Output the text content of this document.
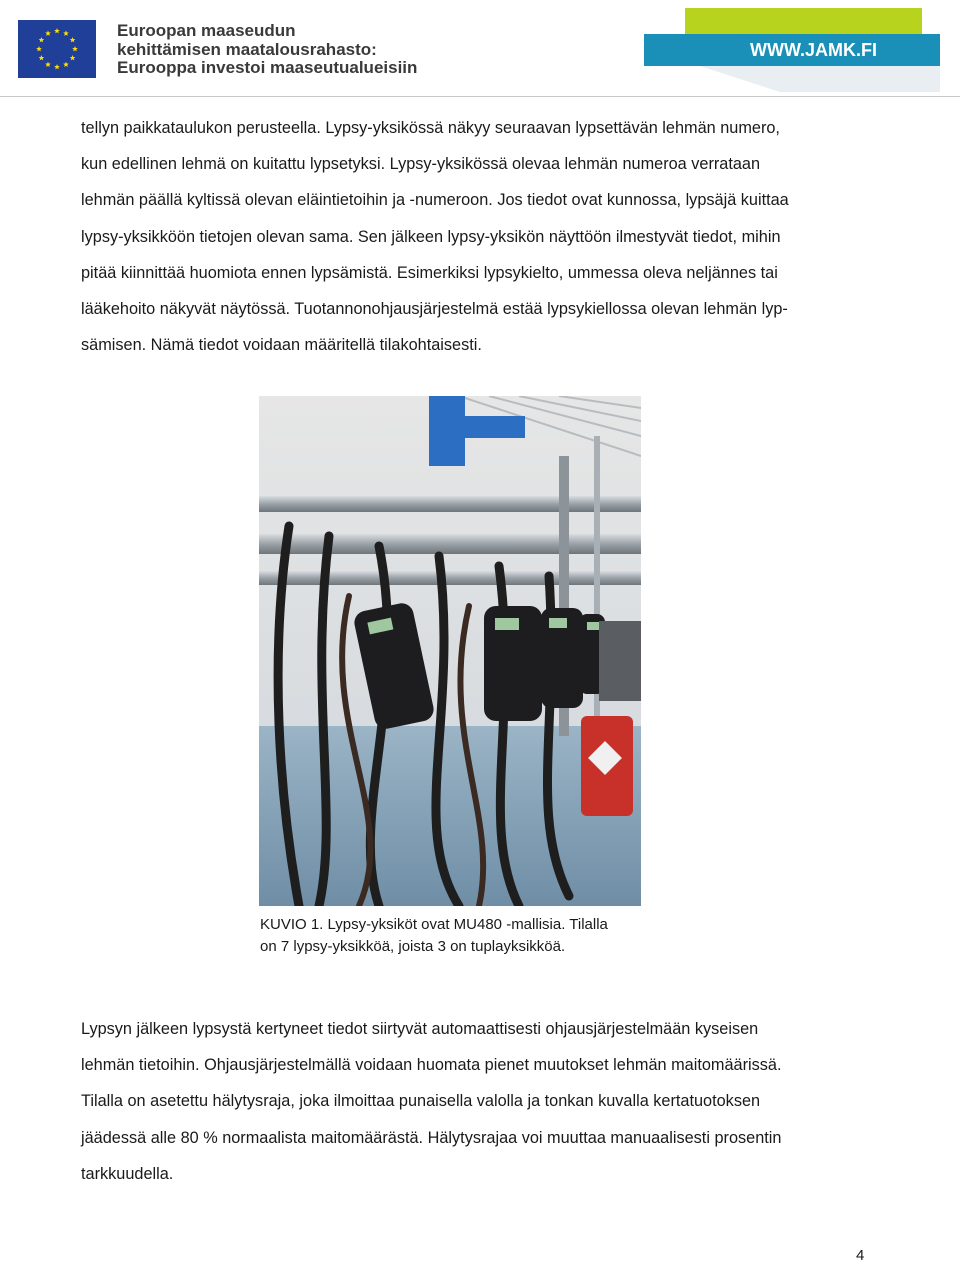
Euroopan maaseudun
kehittämisen maatalousrahasto:
Eurooppa investoi maaseutualueisiin
WWW.JAMK.FI

tellyn paikkataulukon perusteella. Lypsy-yksikössä näkyy seuraavan lypsettävän lehmän numero,
kun edellinen lehmä on kuitattu lypsetyksi. Lypsy-yksikössä olevaa lehmän numeroa verrataan
lehmän päällä kyltissä olevan eläintietoihin ja -numeroon. Jos tiedot ovat kunnossa, lypsäjä kuittaa
lypsy-yksikköön tietojen olevan sama. Sen jälkeen lypsy-yksikön näyttöön ilmestyvät tiedot, mihin
pitää kiinnittää huomiota ennen lypsämistä. Esimerkiksi lypsykielto, ummessa oleva neljännes tai
lääkehoito näkyvät näytössä. Tuotannonohjausjärjestelmä estää lypsykiellossa olevan lehmän lyp-
sämisen. Nämä tiedot voidaan määritellä tilakohtaisesti.

KUVIO 1. Lypsy-yksiköt ovat MU480 -mallisia. Tilalla
on 7 lypsy-yksikköä, joista 3 on tuplayksikköä.

Lypsyn jälkeen lypsystä kertyneet tiedot siirtyvät automaattisesti ohjausjärjestelmään kyseisen
lehmän tietoihin. Ohjausjärjestelmällä voidaan huomata pienet muutokset lehmän maitomäärissä.
Tilalla on asetettu hälytysraja, joka ilmoittaa punaisella valolla ja tonkan kuvalla kertatuotoksen
jäädessä alle 80 % normaalista maitomäärästä. Hälytysrajaa voi muuttaa manuaalisesti prosentin
tarkkuudella.

4
